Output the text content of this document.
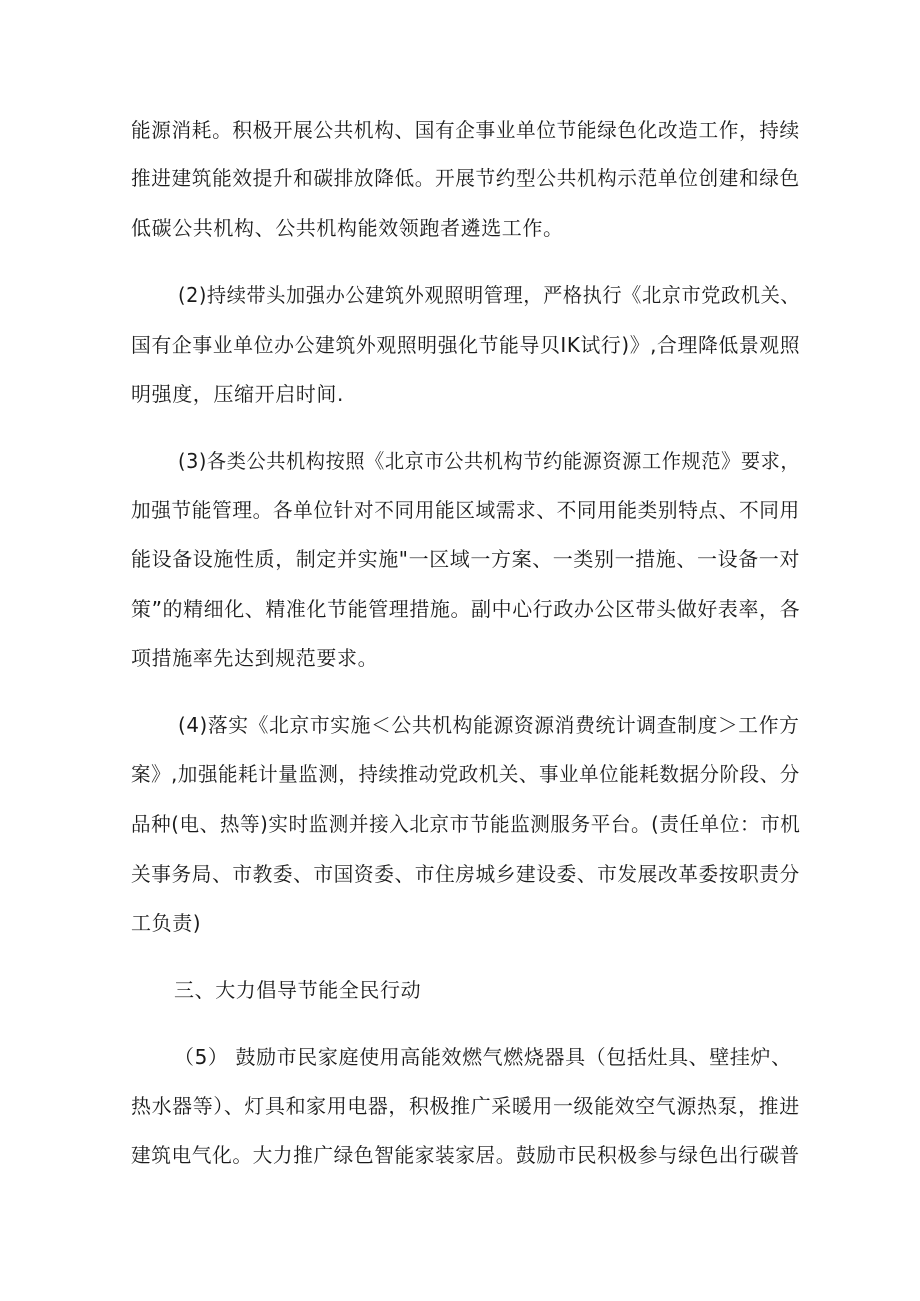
能源消耗。积极开展公共机构、国有企事业单位节能绿色化改造工作，持续
推进建筑能效提升和碳排放降低。开展节约型公共机构示范单位创建和绿色
低碳公共机构、公共机构能效领跑者遴选工作。
(2)持续带头加强办公建筑外观照明管理，严格执行《北京市党政机关、
国有企事业单位办公建筑外观照明强化节能导贝IK试行)》,合理降低景观照
明强度，压缩开启时间.
(3)各类公共机构按照《北京市公共机构节约能源资源工作规范》要求，
加强节能管理。各单位针对不同用能区域需求、不同用能类别特点、不同用
能设备设施性质，制定并实施"一区域一方案、一类别一措施、一设备一对
策”的精细化、精准化节能管理措施。副中心行政办公区带头做好表率，各
项措施率先达到规范要求。
(4)落实《北京市实施＜公共机构能源资源消费统计调查制度＞工作方
案》,加强能耗计量监测，持续推动党政机关、事业单位能耗数据分阶段、分
品种(电、热等)实时监测并接入北京市节能监测服务平台。(责任单位：市机
关事务局、市教委、市国资委、市住房城乡建设委、市发展改革委按职责分
工负责)
三、大力倡导节能全民行动
（5） 鼓励市民家庭使用高能效燃气燃烧器具（包括灶具、壁挂炉、
热水器等）、灯具和家用电器，积极推广采暖用一级能效空气源热泵，推进
建筑电气化。大力推广绿色智能家装家居。鼓励市民积极参与绿色出行碳普
